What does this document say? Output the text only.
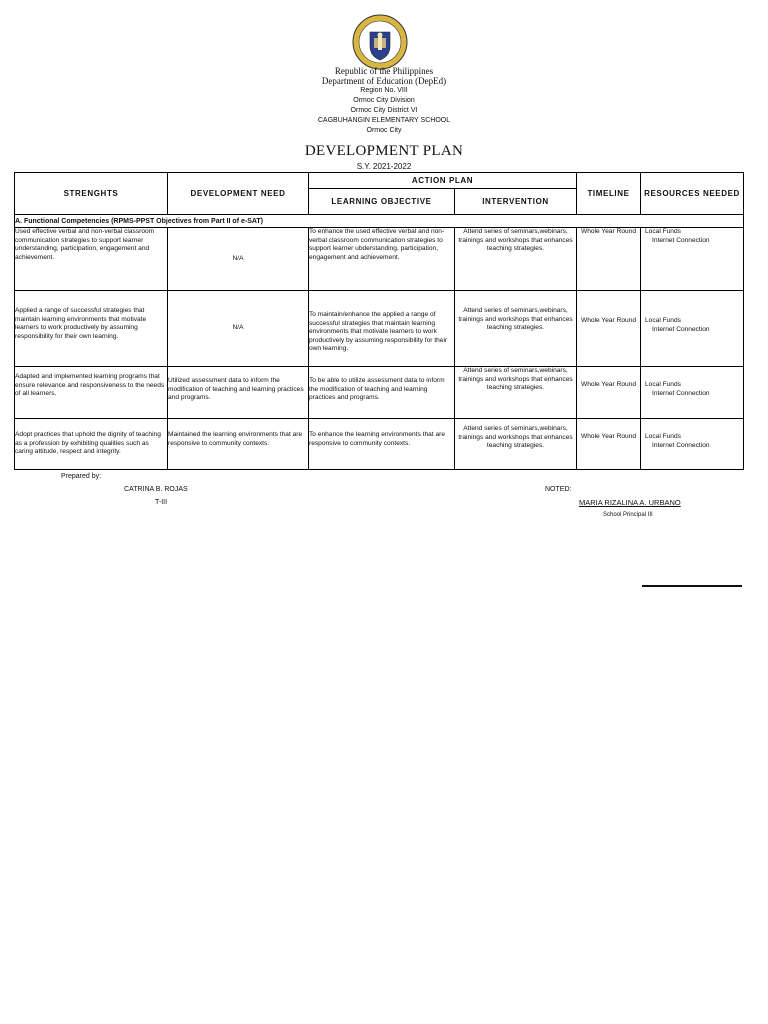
Republic of the Philippines
Department of Education (DepEd)
Region No. VIII
Ormoc City Division
Ormoc City District VI
CAGBUHANGIN ELEMENTARY SCHOOL
Ormoc City
DEVELOPMENT PLAN
S.Y. 2021-2022
STRENGHTS	DEVELOPMENT NEED	ACTION PLAN		TIMELINE	RESOURCES NEEDED
		LEARNING OBJECTIVE	INTERVENTION		
A. Functional Competencies (RPMS-PPST Objectives from Part II of e-SAT)					
Used effective verbal and non-verbal classroom communication strategies to support learner understanding, participation, engagement and achievement.	N/A	To enhance the used effective verbal and non-verbal classroom communication strategies to support learner ubderstanding, participation, engagement and achievement.	Attend series of seminars,webinars, trainings and workshops that enhances teaching strategies.	Whole Year Round	Local Funds
Internet Connection

Applied a range of successful strategies that maintain learning environments that motivate learners to work productively by assuming responsibility for their own learning.	N/A	To maintain/enhance the applied a range of successful strategies that maintain learning environments that motivate learners to work productively by assuming responsibility for their own learning.	Attend series of seminars,webinars, trainings and workshops that enhances teaching strategies.	Whole Year Round	Local Funds
Internet Connection

Adapted and implemented learning programs that ensure relevance and responsiveness to the needs of all learners.	Utilized assessment data to inform the modification of teaching and learning practices and programs.	To be able to utilize assessment data to inform the modification of teaching and learning practices and programs.	Attend series of seminars,webinars, trainings and workshops that enhances teaching strategies.	Whole Year Round	Local Funds
Internet Connection

Adopt practices that uphold the dignity of teaching as a profession by exhibiting qualities such as caring attitude, respect and integrity.	Maintained the learning environments that are responsive to community contexts.	To enhance the learning environments that are responsive to community contexts.	Attend series of seminars,webinars, trainings and workshops that enhances teaching strategies.	Whole Year Round	Local Funds
Internet Connection
Prepared by:
CATRINA B. ROJAS
T-III
NOTED:
MARIA RIZALINA A. URBANO
School Principal III
